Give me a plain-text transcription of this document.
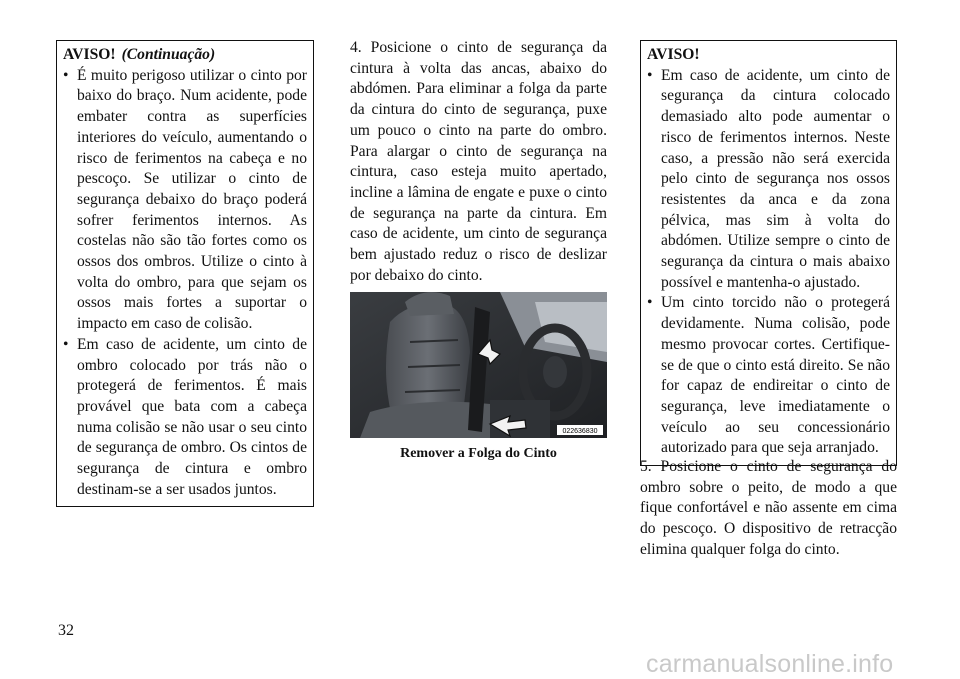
AVISO! (Continuação)

• É muito perigoso utilizar o cinto por baixo do braço. Num acidente, pode embater contra as superfícies interiores do veículo, aumentando o risco de ferimentos na cabeça e no pescoço. Se utilizar o cinto de segurança debaixo do braço poderá sofrer ferimentos internos. As costelas não são tão fortes como os ossos dos ombros. Utilize o cinto à volta do ombro, para que sejam os ossos mais fortes a suportar o impacto em caso de colisão.

• Em caso de acidente, um cinto de ombro colocado por trás não o protegerá de ferimentos. É mais provável que bata com a cabeça numa colisão se não usar o seu cinto de segurança de ombro. Os cintos de segurança de cintura e ombro destinam-se a ser usados juntos.

4. Posicione o cinto de segurança da cintura à volta das ancas, abaixo do abdómen. Para eliminar a folga da parte da cintura do cinto de segurança, puxe um pouco o cinto na parte do ombro. Para alargar o cinto de segurança na cintura, caso esteja muito apertado, incline a lâmina de engate e puxe o cinto de segurança na parte da cintura. Em caso de acidente, um cinto de segurança bem ajustado reduz o risco de deslizar por debaixo do cinto.

022636830
Remover a Folga do Cinto
AVISO!

• Em caso de acidente, um cinto de segurança da cintura colocado demasiado alto pode aumentar o risco de ferimentos internos. Neste caso, a pressão não será exercida pelo cinto de segurança nos ossos resistentes da anca e da zona pélvica, mas sim à volta do abdómen. Utilize sempre o cinto de segurança da cintura o mais abaixo possível e mantenha-o ajustado.

• Um cinto torcido não o protegerá devidamente. Numa colisão, pode mesmo provocar cortes. Certifique-se de que o cinto está direito. Se não for capaz de endireitar o cinto de segurança, leve imediatamente o veículo ao seu concessionário autorizado para que seja arranjado.

5. Posicione o cinto de segurança do ombro sobre o peito, de modo a que fique confortável e não assente em cima do pescoço. O dispositivo de retracção elimina qualquer folga do cinto.

32
carmanualsonline.info
